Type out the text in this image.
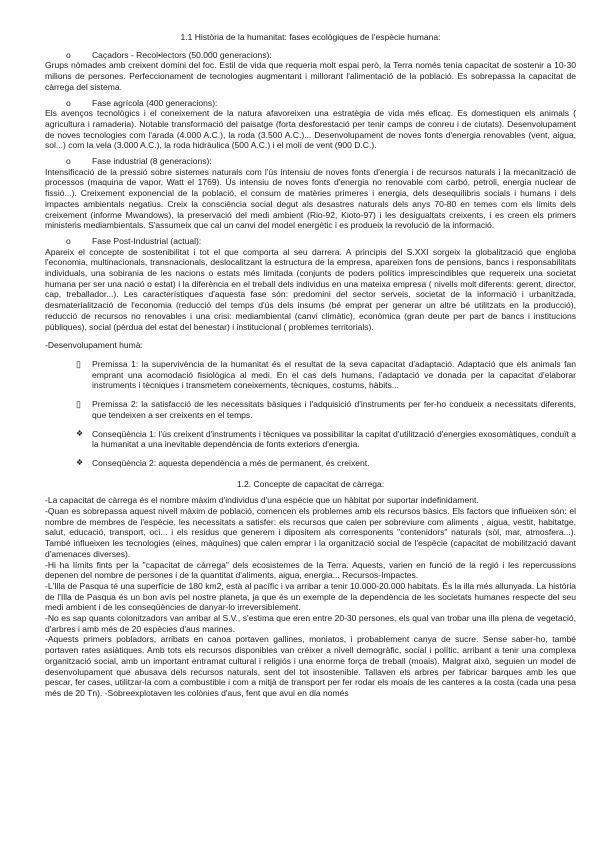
1.1 Història de la humanitat: fases ecològiques de l'espècie humana:

o Caçadors - Recol•lectors (50.000 generacions):

Grups nòmades amb creixent domini del foc. Estil de vida que requeria molt espai però, la Terra només tenia capacitat de sostenir a 10-30 milions de persones. Perfeccionament de tecnologies augmentant i millorant l'alimentació de la població. Es sobrepassa la capacitat de càrrega del sistema.

o Fase agrícola (400 generacions):

Els avenços tecnològics i el coneixement de la natura afavoreixen una estratègia de vida més eficaç. Es domestiquen els animals ( agricultura i ramaderia). Notable transformació del paisatge (forta desforestació per tenir camps de conreu i de ciutats). Desenvolupament de noves tecnologies com l'arada (4.000 A.C.), la roda (3.500 A.C.)... Desenvolupament de noves fonts d'energia renovables (vent, aigua, sol...) com la vela (3.000 A.C.), la roda hidràulica (500 A.C.) i el molí de vent (900 D.C.).

o Fase industrial (8 generacions):

Intensificació de la pressió sobre sistemes naturals com l'ús intensiu de noves fonts d'energia i de recursos naturals i la mecanització de processos (maquina de vapor, Watt el 1769). Ús intensiu de noves fonts d'energia no renovable com carbó, petroli, energia nuclear de fissió...). Creixement exponencial de la població, el consum de matèries primeres i energia, dels desequilibris socials i humans i dels impactes ambientals negatius. Creix la consciència social degut als desastres naturals dels anys 70-80 en temes com els límits dels creixement (informe Mwandows), la preservació del medi ambient (Rio-92, Kioto-97) i les desigualtats creixents, i es creen els primers ministeris mediambientals. S'assumeix que cal un canvi del model energètic i es produeix la revolució de la informació.

o Fase Post-Industrial (actual):

Apareix el concepte de sostenibilitat i tot el que comporta al seu darrera. A principis del S.XXI sorgeix la globalització que engloba l'economia, multinacionals, transnacionals, deslocalitzant la estructura de la empresa, apareixen fons de pensions, bancs i responsabilitats individuals, una sobirania de les nacions o estats més limitada (conjunts de poders polítics imprescindibles que requereix una societat humana per ser una nació o estat) i la diferència en el treball dels individus en una mateixa empresa ( nivells molt diferents: gerent, director, cap, treballador...). Les característiques d'aquesta fase són: predomini del sector serveis, societat de la informació i urbanitzada, desmaterialització de l'economia (reducció del temps d'ús dels insums (bé emprat per generar un altre bé utilitzats en la producció), reducció de recursos no renovables i una crisi: mediambiental (canvi climàtic), econòmica (gran deute per part de bancs i institucions públiques), social (pèrdua del estat del benestar) i institucional ( problemes territorials).

-Desenvolupament humà:

▯ Premissa 1: la supervivència de la humanitat és el resultat de la seva capacitat d'adaptació. Adaptació que els animals fan emprant una acomodació fisiològica al medi. En el cas dels humans, l'adaptació ve donada per la capacitat d'elaborar instruments i tècniques i transmetem coneixements, tècniques, costums, hàbits...
▯ Premissa 2: la satisfacció de les necessitats bàsiques i l'adquisició d'instruments per fer-ho condueix a necessitats diferents, que tendeixen a ser creixents en el temps.
❖ Conseqüència 1: l'ús creixent d'instruments i tècniques va possibilitar la capitat d'utilització d'energies exosomàtiques, conduït a la humanitat a una inevitable dependència de fonts exteriors d'energia.
❖ Conseqüència 2: aquesta dependència a més de permanent, és creixent.

1.2. Concepte de capacitat de càrrega:

-La capacitat de càrrega és el nombre màxim d'individus d'una espècie que un hàbitat por suportar indefinidament.

-Quan es sobrepassa aquest nivell màxim de població, comencen els problemes amb els recursos bàsics. Els factors que influeixen són: el nombre de membres de l'espècie, les necessitats a satisfer: els recursos que calen per sobreviure com aliments , aigua, vestit, habitatge, salut, educació, transport, oci... i els residus que generem i dipositem als corresponents "contenidors" naturals (sòl, mar, atmosfera...). També influeixen les tecnologies (eines, màquines) que calen emprar i la organització social de l'espècie (capacitat de mobilització davant d'amenaces diverses).

-Hi ha límits fints per la "capacitat de càrrega" dels ecosistemes de la Terra. Aquests, varien en funció de la regió i les repercussions depenen del nombre de persones i de la quantitat d'aliments, aigua, energia... Recursos-Impactes.

-L'Illa de Pasqua té una superfície de 180 km2, està al pacífic i va arribar a tenir 10.000-20.000 habitats. És la illa més allunyada. La història de l'Illa de Pasqua és un bon avís pel nostre planeta, ja que és un exemple de la dependència de les societats humanes respecte del seu medi ambient i de les conseqüències de danyar-lo irreversiblement.

-No es sap quants colonitzadors van arribar al S.V., s'estima que eren entre 20-30 persones, els qual van trobar una illa plena de vegetació, d'arbres i amb més de 20 espècies d'aus marines.

-Aquests primers pobladors, arribats en canoa portaven gallines, moniatos, i probablement canya de sucre. Sense saber-ho, també portaven rates asiàtiques. Amb tots els recursos disponibles van créixer a nivell demogràfic, social i polític, arribant a tenir una complexa organització social, amb un important entramat cultural i religiós i una enorme força de treball (moais). Malgrat això, seguien un model de desenvolupament que abusava dels recursos naturals, sent del tot insostenible. Tallaven els arbres per fabricar barques amb les que pescar, fer cases, utilitzar-la com a combustible i com a mitjà de transport per fer rodar els moais de les canteres a la costa (cada una pesa més de 20 Tn). -Sobreexplotaven les colònies d'aus, fent que avui en dia només
